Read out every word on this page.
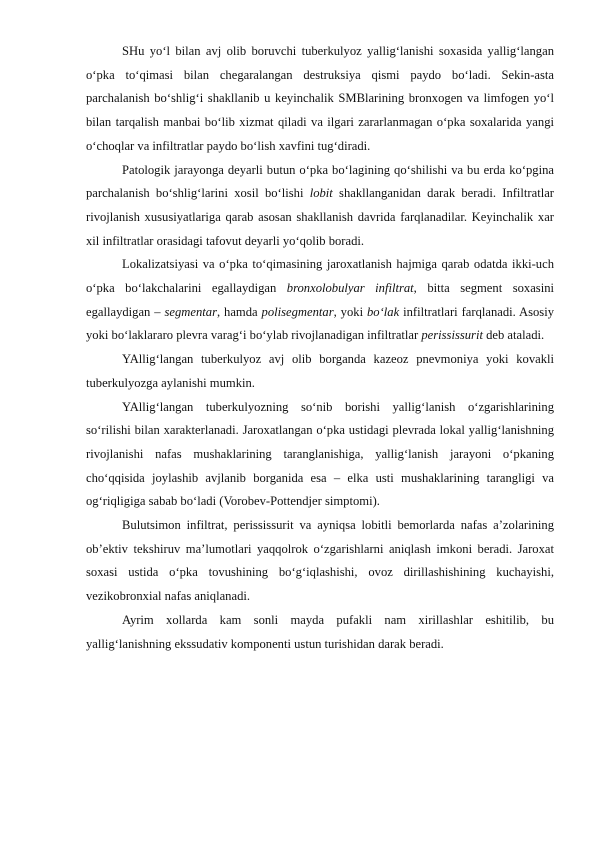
SHu yo‘l bilan avj olib boruvchi tuberkulyoz yallig‘lanishi soxasida yallig‘langan o‘pka to‘qimasi bilan chegaralangan destruksiya qismi paydo bo‘ladi. Sekin-asta parchalanish bo‘shlig‘i shakllanib u keyinchalik SMBlarining bronxogen va limfogen yo‘l bilan tarqalish manbai bo‘lib xizmat qiladi va ilgari zararlanmagan o‘pka soxalarida yangi o‘choqlar va infiltratlar paydo bo‘lish xavfini tug‘diradi.

Patologik jarayonga deyarli butun o‘pka bo‘lagining qo‘shilishi va bu erda ko‘pgina parchalanish bo‘shlig‘larini xosil bo‘lishi lobit shakllanganidan darak beradi. Infiltratlar rivojlanish xususiyatlariga qarab asosan shakllanish davrida farqlanadilar. Keyinchalik xar xil infiltratlar orasidagi tafovut deyarli yo‘qolib boradi.

Lokalizatsiyasi va o‘pka to‘qimasining jaroxatlanish hajmiga qarab odatda ikki-uch o‘pka bo‘lakchalarini egallaydigan bronxolobulyar infiltrat, bitta segment soxasini egallaydigan – segmentar, hamda polisegmentar, yoki bo‘lak infiltratlari farqlanadi. Asosiy yoki bo‘laklararo plevra varag‘i bo‘ylab rivojlanadigan infiltratlar perississurit deb ataladi.

YAllig‘langan tuberkulyoz avj olib borganda kazeoz pnevmoniya yoki kovakli tuberkulyozga aylanishi mumkin.

YAllig‘langan tuberkulyozning so‘nib borishi yallig‘lanish o‘zgarishlarining so‘rilishi bilan xarakterlanadi. Jaroxatlangan o‘pka ustidagi plevrada lokal yallig‘lanishning rivojlanishi nafas mushaklarining taranglanishiga, yallig‘lanish jarayoni o‘pkaning cho‘qqisida joylashib avjlanib borganida esa – elka usti mushaklarining tarangligi va og‘riqligiga sabab bo‘ladi (Vorobev-Pottendjer simptomi).

Bulutsimon infiltrat, perississurit va ayniqsa lobitli bemorlarda nafas a’zolarining ob’ektiv tekshiruv ma’lumotlari yaqqolrok o‘zgarishlarni aniqlash imkoni beradi. Jaroxat soxasi ustida o‘pka tovushining bo‘g‘iqlashishi, ovoz dirillashishining kuchayishi, vezikobronxial nafas aniqlanadi.

Ayrim xollarda kam sonli mayda pufakli nam xirillashlar eshitilib, bu yallig‘lanishning ekssudativ komponenti ustun turishidan darak beradi.
